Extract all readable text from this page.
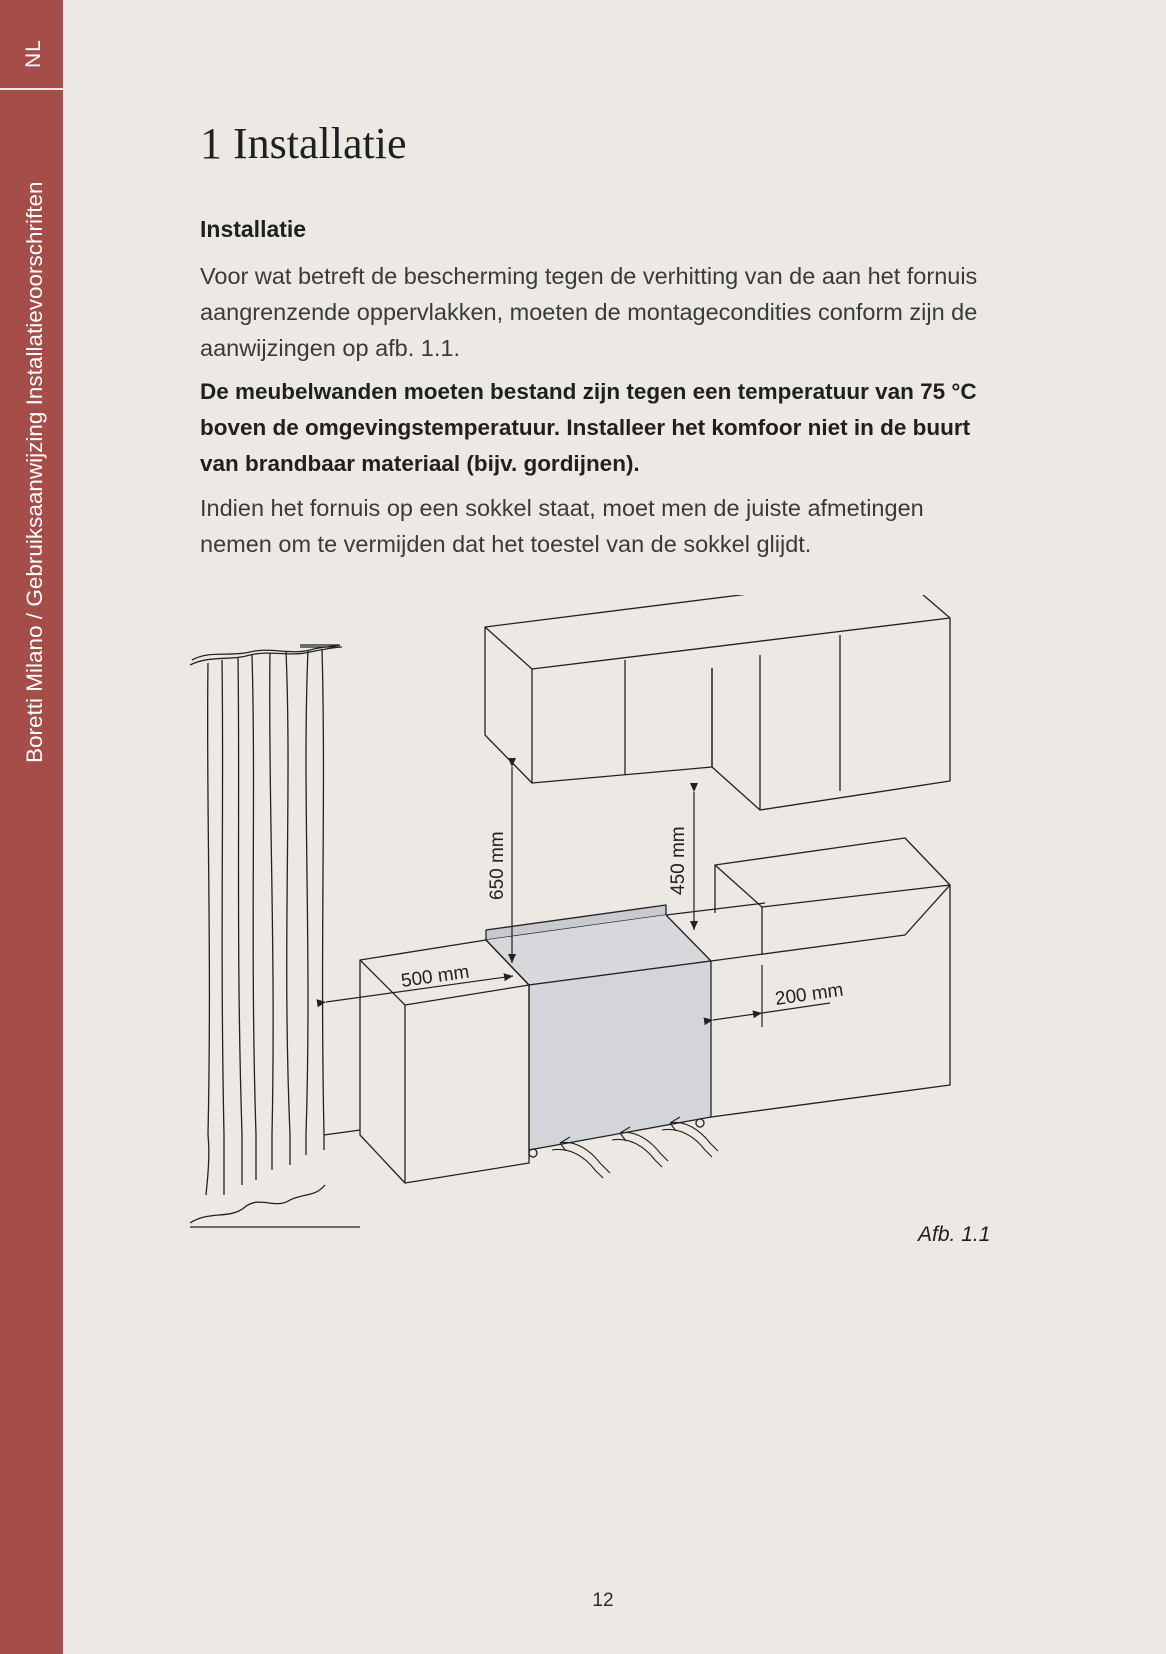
NL
Boretti Milano / Gebruiksaanwijzing Installatievoorschriften
1 Installatie
Installatie
Voor wat betreft de bescherming tegen de verhitting van de aan het fornuis aangrenzende oppervlakken, moeten de montagecondities conform zijn de aanwijzingen op afb. 1.1.
De meubelwanden moeten bestand zijn tegen een temperatuur van 75 °C boven de omgevingstemperatuur. Installeer het komfoor niet in de buurt van brandbaar materiaal (bijv. gordijnen).
Indien het fornuis op een sokkel staat, moet men de juiste afmetingen nemen om te vermijden dat het toestel van de sokkel glijdt.
650 mm	450 mm
500 mm
200 mm
Afb. 1.1
12
